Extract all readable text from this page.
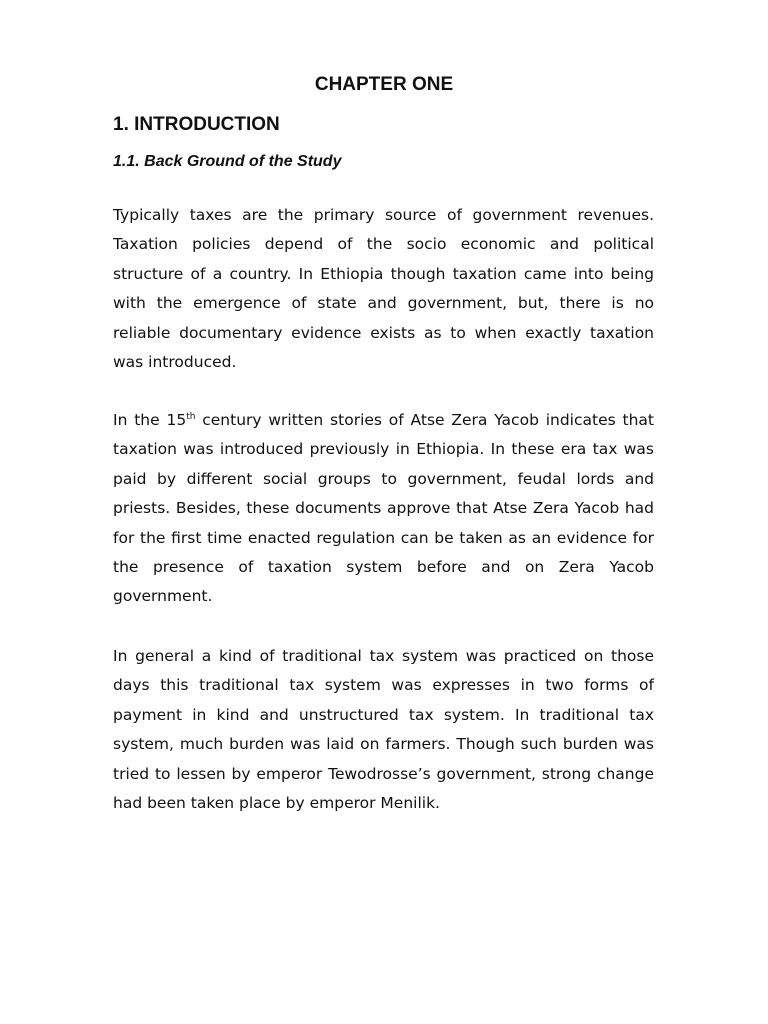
CHAPTER ONE
1. INTRODUCTION
1.1. Back Ground of the Study

Typically taxes are the primary source of government revenues. Taxation policies depend of the socio economic and political structure of a country. In Ethiopia though taxation came into being with the emergence of state and government, but, there is no reliable documentary evidence exists as to when exactly taxation was introduced.

In the 15th century written stories of Atse Zera Yacob indicates that taxation was introduced previously in Ethiopia. In these era tax was paid by different social groups to government, feudal lords and priests. Besides, these documents approve that Atse Zera Yacob had for the first time enacted regulation can be taken as an evidence for the presence of taxation system before and on Zera Yacob government.

In general a kind of traditional tax system was practiced on those days this traditional tax system was expresses in two forms of payment in kind and unstructured tax system. In traditional tax system, much burden was laid on farmers. Though such burden was tried to lessen by emperor Tewodrosse’s government, strong change had been taken place by emperor Menilik.
